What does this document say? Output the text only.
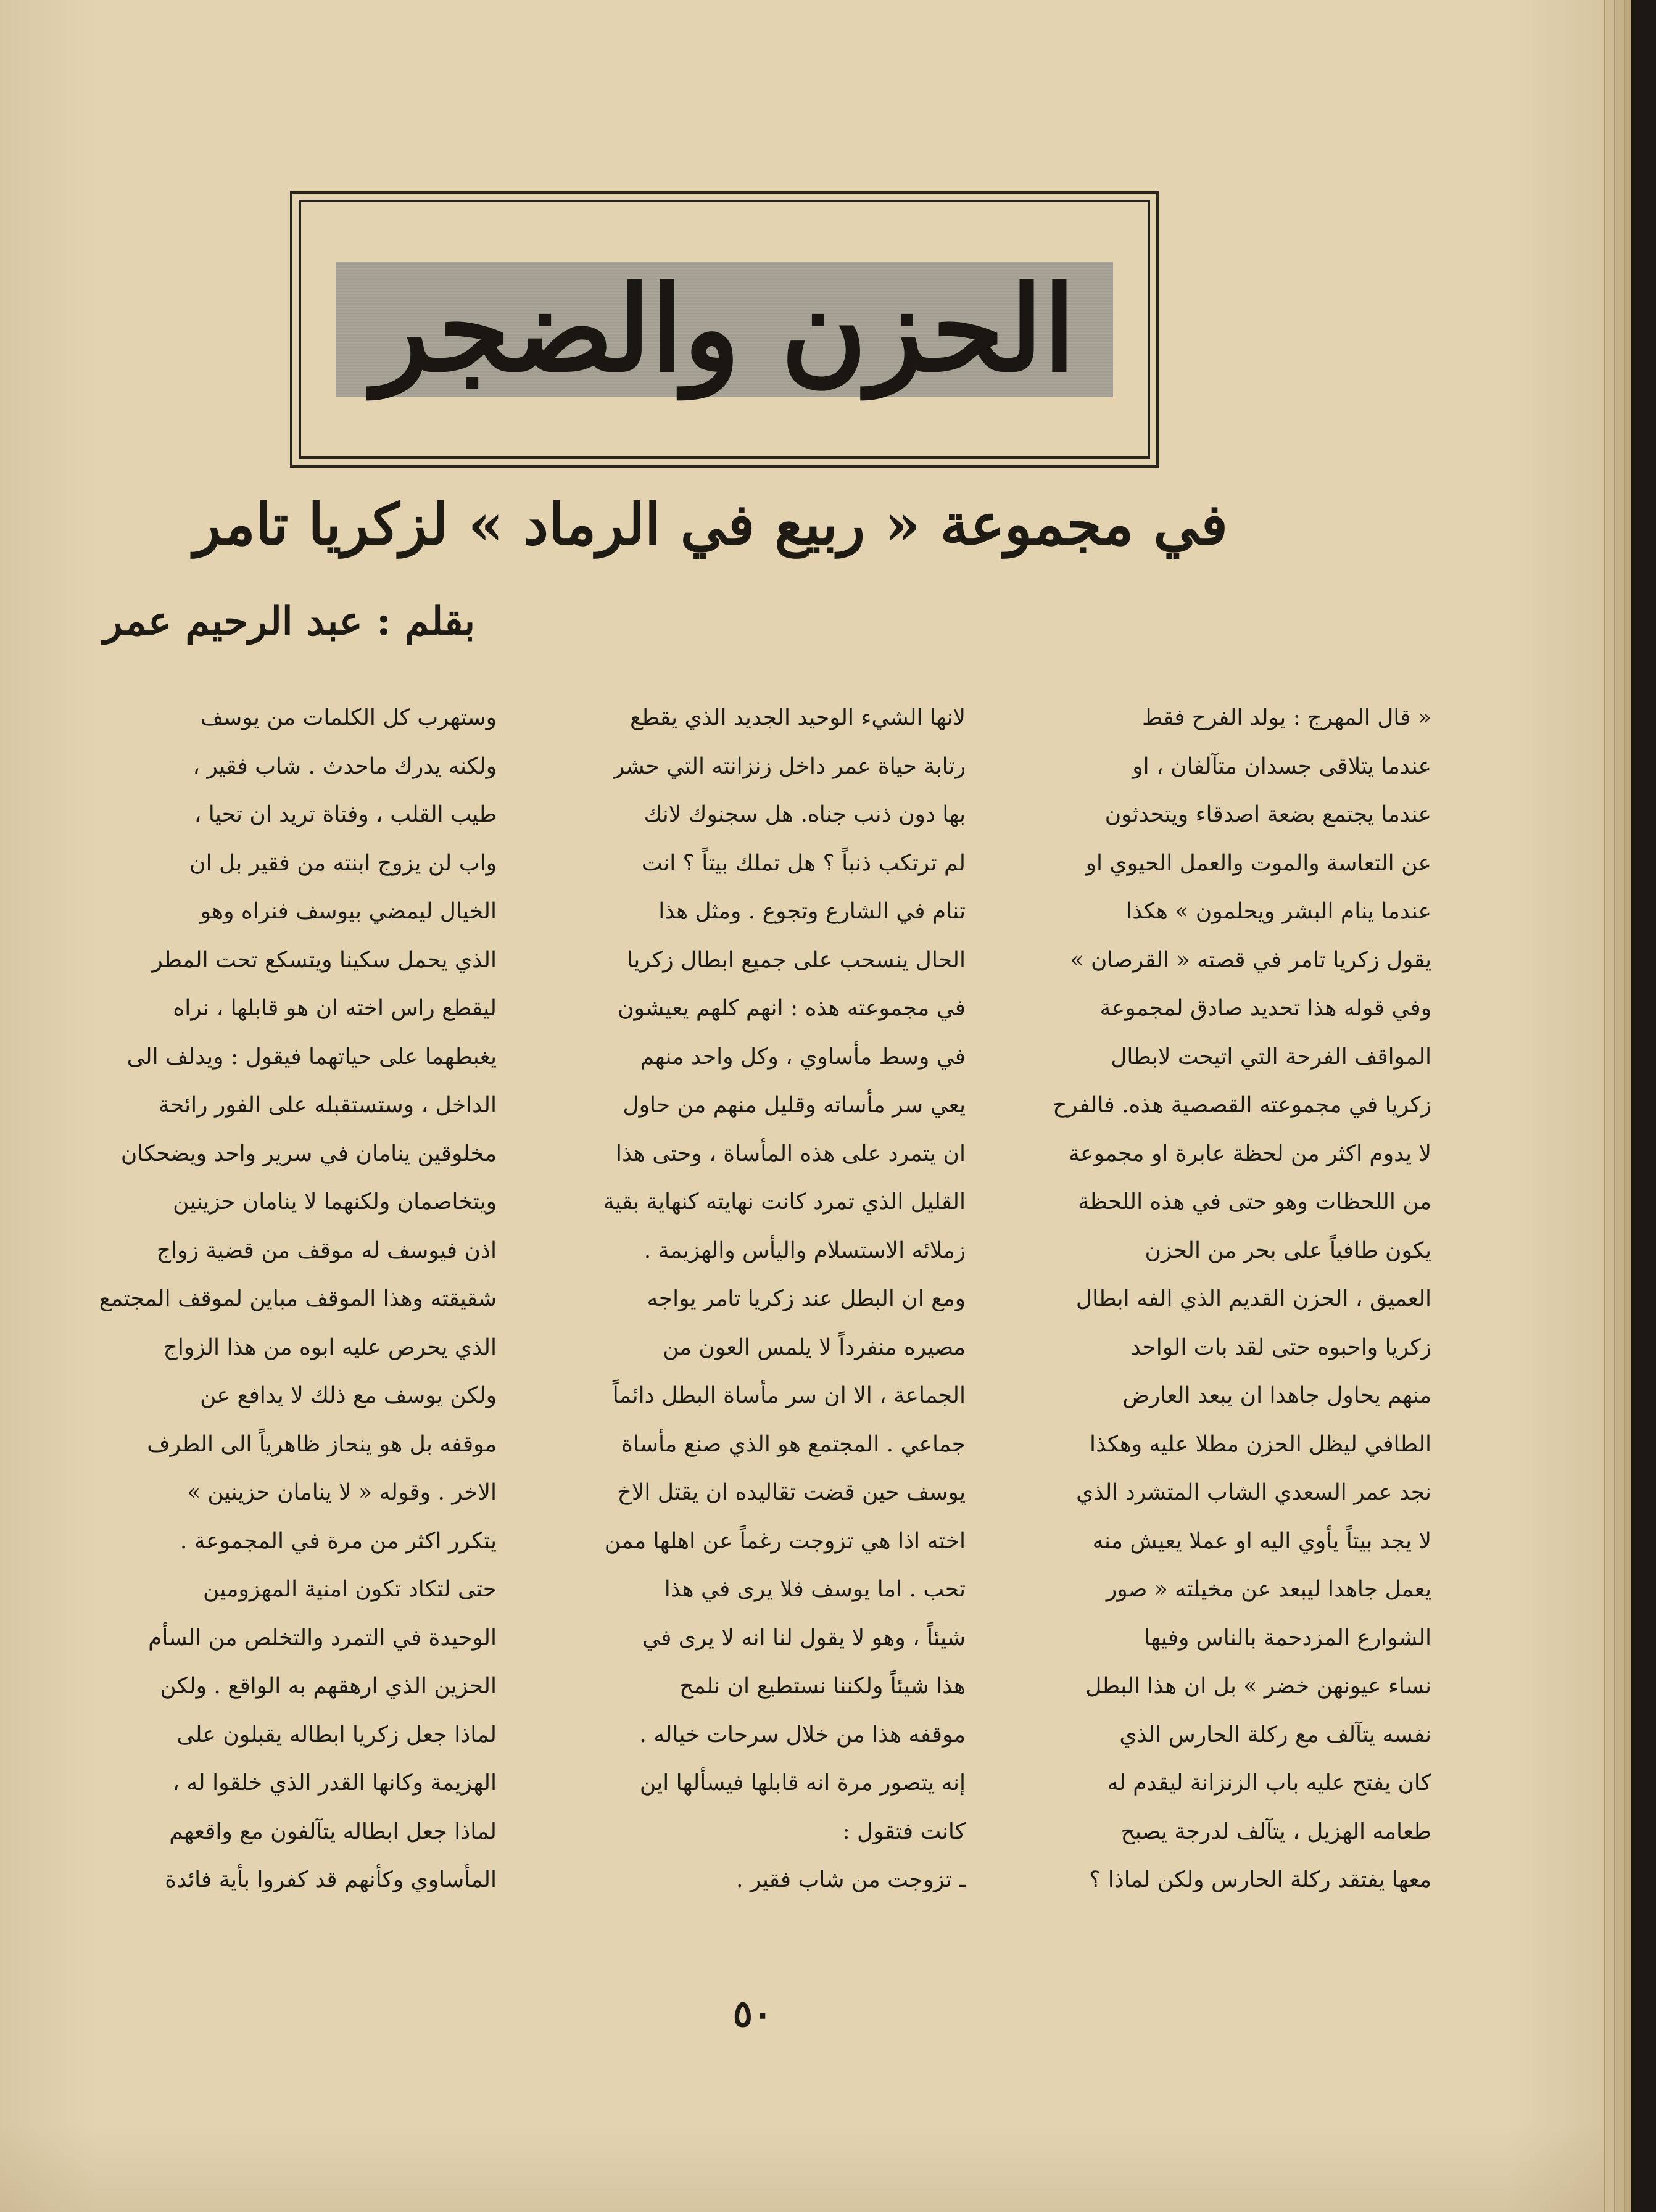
الحزن والضجر
في مجموعة « ربيع في الرماد » لزكريا تامر
بقلم : عبد الرحيم عمر
« قال المهرج : يولد الفرح فقط
عندما يتلاقى جسدان متآلفان ، او
عندما يجتمع بضعة اصدقاء ويتحدثون
عن التعاسة والموت والعمل الحيوي او
عندما ينام البشر ويحلمون » هكذا
يقول زكريا تامر في قصته « القرصان »
وفي قوله هذا تحديد صادق لمجموعة
المواقف الفرحة التي اتيحت لابطال
زكريا في مجموعته القصصية هذه. فالفرح
لا يدوم اكثر من لحظة عابرة او مجموعة
من اللحظات وهو حتى في هذه اللحظة
يكون طافياً على بحر من الحزن
العميق ، الحزن القديم الذي الفه ابطال
زكريا واحبوه حتى لقد بات الواحد
منهم يحاول جاهدا ان يبعد العارض
الطافي ليظل الحزن مطلا عليه وهكذا
نجد عمر السعدي الشاب المتشرد الذي
لا يجد بيتاً يأوي اليه او عملا يعيش منه
يعمل جاهدا ليبعد عن مخيلته « صور
الشوارع المزدحمة بالناس وفيها
نساء عيونهن خضر » بل ان هذا البطل
نفسه يتآلف مع ركلة الحارس الذي
كان يفتح عليه باب الزنزانة ليقدم له
طعامه الهزيل ، يتآلف لدرجة يصبح
معها يفتقد ركلة الحارس ولكن لماذا ؟
لانها الشيء الوحيد الجديد الذي يقطع
رتابة حياة عمر داخل زنزانته التي حشر
بها دون ذنب جناه. هل سجنوك لانك
لم ترتكب ذنباً ؟ هل تملك بيتاً ؟ انت
تنام في الشارع وتجوع . ومثل هذا
الحال ينسحب على جميع ابطال زكريا
في مجموعته هذه : انهم كلهم يعيشون
في وسط مأساوي ، وكل واحد منهم
يعي سر مأساته وقليل منهم من حاول
ان يتمرد على هذه المأساة ، وحتى هذا
القليل الذي تمرد كانت نهايته كنهاية بقية
زملائه الاستسلام واليأس والهزيمة .
ومع ان البطل عند زكريا تامر يواجه
مصيره منفرداً لا يلمس العون من
الجماعة ، الا ان سر مأساة البطل دائماً
جماعي . المجتمع هو الذي صنع مأساة
يوسف حين قضت تقاليده ان يقتل الاخ
اخته اذا هي تزوجت رغماً عن اهلها ممن
تحب . اما يوسف فلا يرى في هذا
شيئاً ، وهو لا يقول لنا انه لا يرى في
هذا شيئاً ولكننا نستطيع ان نلمح
موقفه هذا من خلال سرحات خياله .
إنه يتصور مرة انه قابلها فيسألها اين
كانت فتقول :
ـ تزوجت من شاب فقير .
وستهرب كل الكلمات من يوسف
ولكنه يدرك ماحدث . شاب فقير ،
طيب القلب ، وفتاة تريد ان تحيا ،
واب لن يزوج ابنته من فقير بل ان
الخيال ليمضي بيوسف فنراه وهو
الذي يحمل سكينا ويتسكع تحت المطر
ليقطع راس اخته ان هو قابلها ، نراه
يغبطهما على حياتهما فيقول : ويدلف الى
الداخل ، وستستقبله على الفور رائحة
مخلوقين ينامان في سرير واحد ويضحكان
ويتخاصمان ولكنهما لا ينامان حزينين
اذن فيوسف له موقف من قضية زواج
شقيقته وهذا الموقف مباين لموقف المجتمع
الذي يحرص عليه ابوه من هذا الزواج
ولكن يوسف مع ذلك لا يدافع عن
موقفه بل هو ينحاز ظاهرياً الى الطرف
الاخر . وقوله « لا ينامان حزينين »
يتكرر اكثر من مرة في المجموعة .
حتى لتكاد تكون امنية المهزومين
الوحيدة في التمرد والتخلص من السأم
الحزين الذي ارهقهم به الواقع . ولكن
لماذا جعل زكريا ابطاله يقبلون على
الهزيمة وكانها القدر الذي خلقوا له ،
لماذا جعل ابطاله يتآلفون مع واقعهم
المأساوي وكأنهم قد كفروا بأية فائدة
٥٠
